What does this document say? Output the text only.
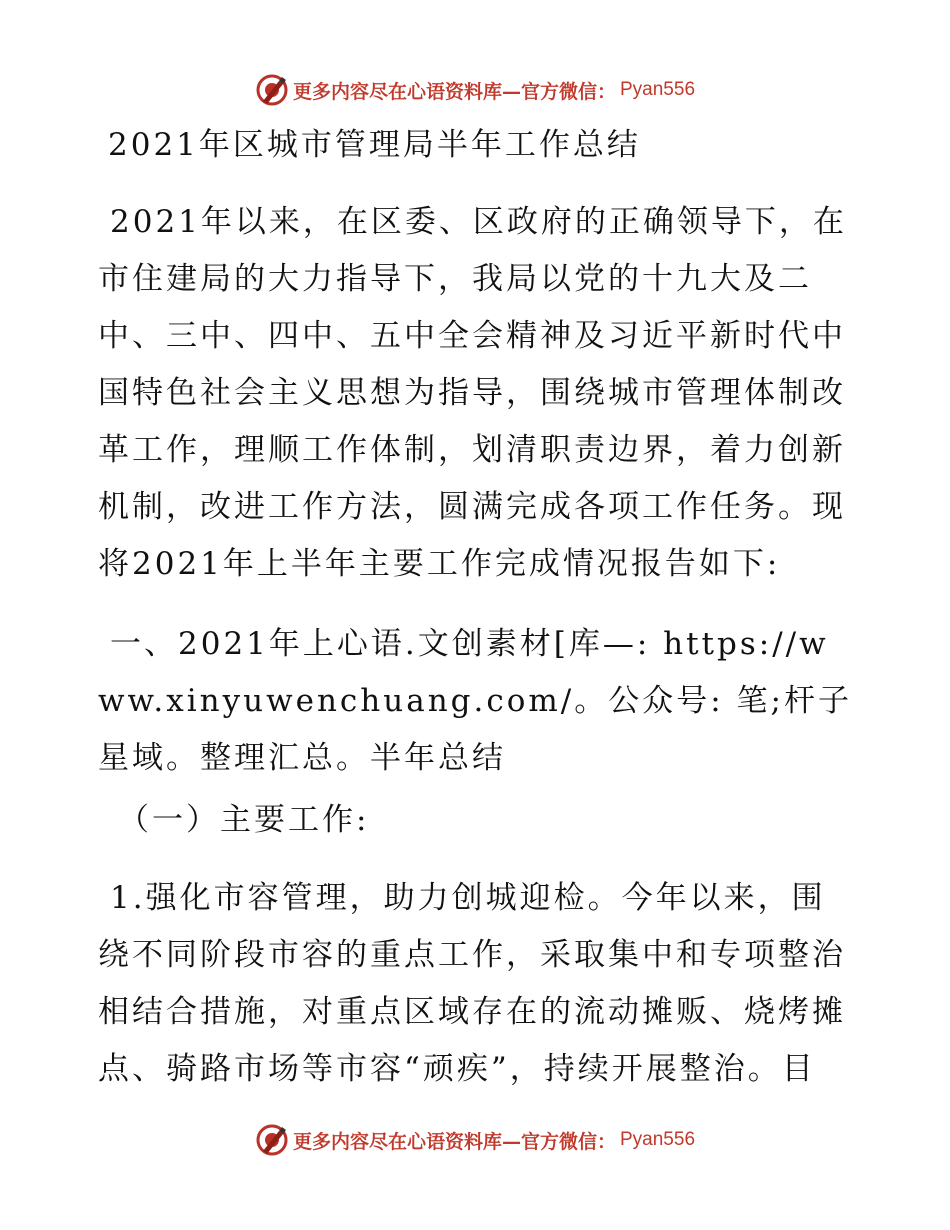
更多内容尽在心语资料库—官方微信： Pyan556

2021年区城市管理局半年工作总结

2021年以来，在区委、区政府的正确领导下，在市住建局的大力指导下，我局以党的十九大及二中、三中、四中、五中全会精神及习近平新时代中国特色社会主义思想为指导，围绕城市管理体制改革工作，理顺工作体制，划清职责边界，着力创新机制，改进工作方法，圆满完成各项工作任务。现将2021年上半年主要工作完成情况报告如下:

一、2021年上心语.文创素材[库—: https://www.xinyuwenchuang.com/。公众号: 笔;杆子星域。整理汇总。半年总结

（一）主要工作:

1.强化市容管理，助力创城迎检。今年以来，围绕不同阶段市容的重点工作，采取集中和专项整治相结合措施，对重点区域存在的流动摊贩、烧烤摊点、骑路市场等市容“顽疾”，持续开展整治。目

更多内容尽在心语资料库—官方微信： Pyan556
